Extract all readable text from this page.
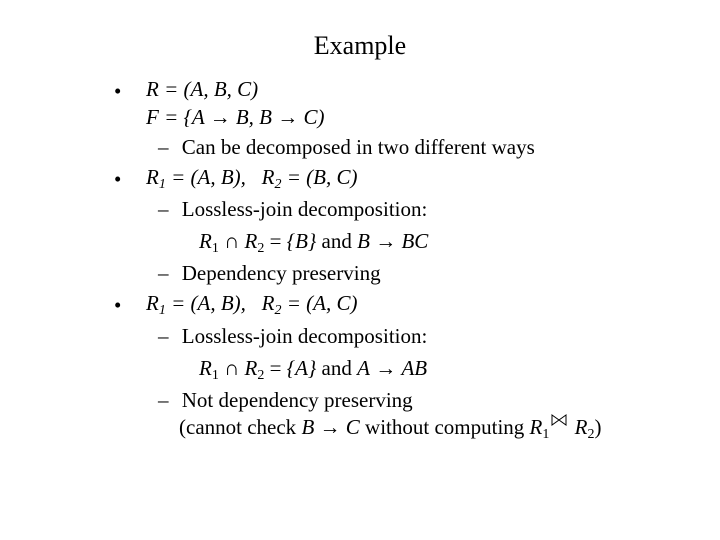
Example
• R = (A, B, C)
F = {A → B, B → C)
– Can be decomposed in two different ways
• $R_1 = (A$, B),   $R_2 = (B$, C)
– Lossless-join decomposition:
$R_1$ ∩ $R_2 = \{B\}$ and B → BC
– Dependency preserving
• $R_1 = (A$, B),   $R_2 = (A$, C)
– Lossless-join decomposition:
$R_1$ ∩ $R_2 = \{A\}$ and A → AB
– Not dependency preserving
(cannot check B → C without computing $R_1$ $R_2$)
